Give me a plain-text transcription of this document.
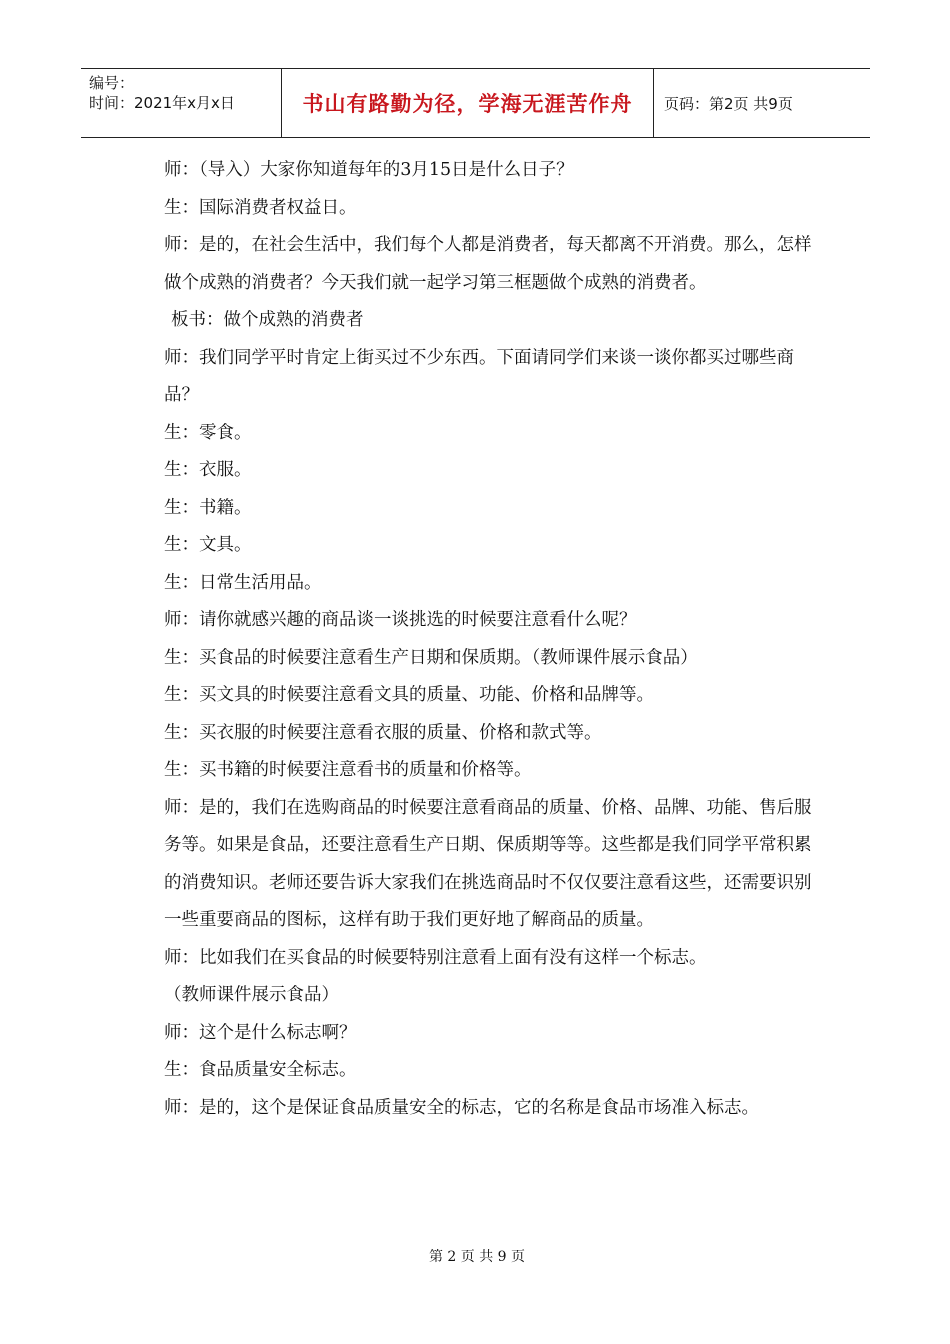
编号：
时间：2021年x月x日	书山有路勤为径，学海无涯苦作舟 页码：第2页 共9页

师：（导入）大家你知道每年的3月15日是什么日子？

生：国际消费者权益日。

师：是的，在社会生活中，我们每个人都是消费者，每天都离不开消费。那么，怎样做个成熟的消费者？今天我们就一起学习第三框题做个成熟的消费者。

板书：做个成熟的消费者

师：我们同学平时肯定上街买过不少东西。下面请同学们来谈一谈你都买过哪些商品？

生：零食。

生：衣服。

生：书籍。

生：文具。

生：日常生活用品。

师：请你就感兴趣的商品谈一谈挑选的时候要注意看什么呢？

生：买食品的时候要注意看生产日期和保质期。（教师课件展示食品）

生：买文具的时候要注意看文具的质量、功能、价格和品牌等。

生：买衣服的时候要注意看衣服的质量、价格和款式等。

生：买书籍的时候要注意看书的质量和价格等。

师：是的，我们在选购商品的时候要注意看商品的质量、价格、品牌、功能、售后服务等。如果是食品，还要注意看生产日期、保质期等等。这些都是我们同学平常积累的消费知识。老师还要告诉大家我们在挑选商品时不仅仅要注意看这些，还需要识别一些重要商品的图标，这样有助于我们更好地了解商品的质量。

师：比如我们在买食品的时候要特别注意看上面有没有这样一个标志。

（教师课件展示食品）

师：这个是什么标志啊？

生：食品质量安全标志。

师：是的，这个是保证食品质量安全的标志，它的名称是食品市场准入标志。

第 2 页 共 9 页
